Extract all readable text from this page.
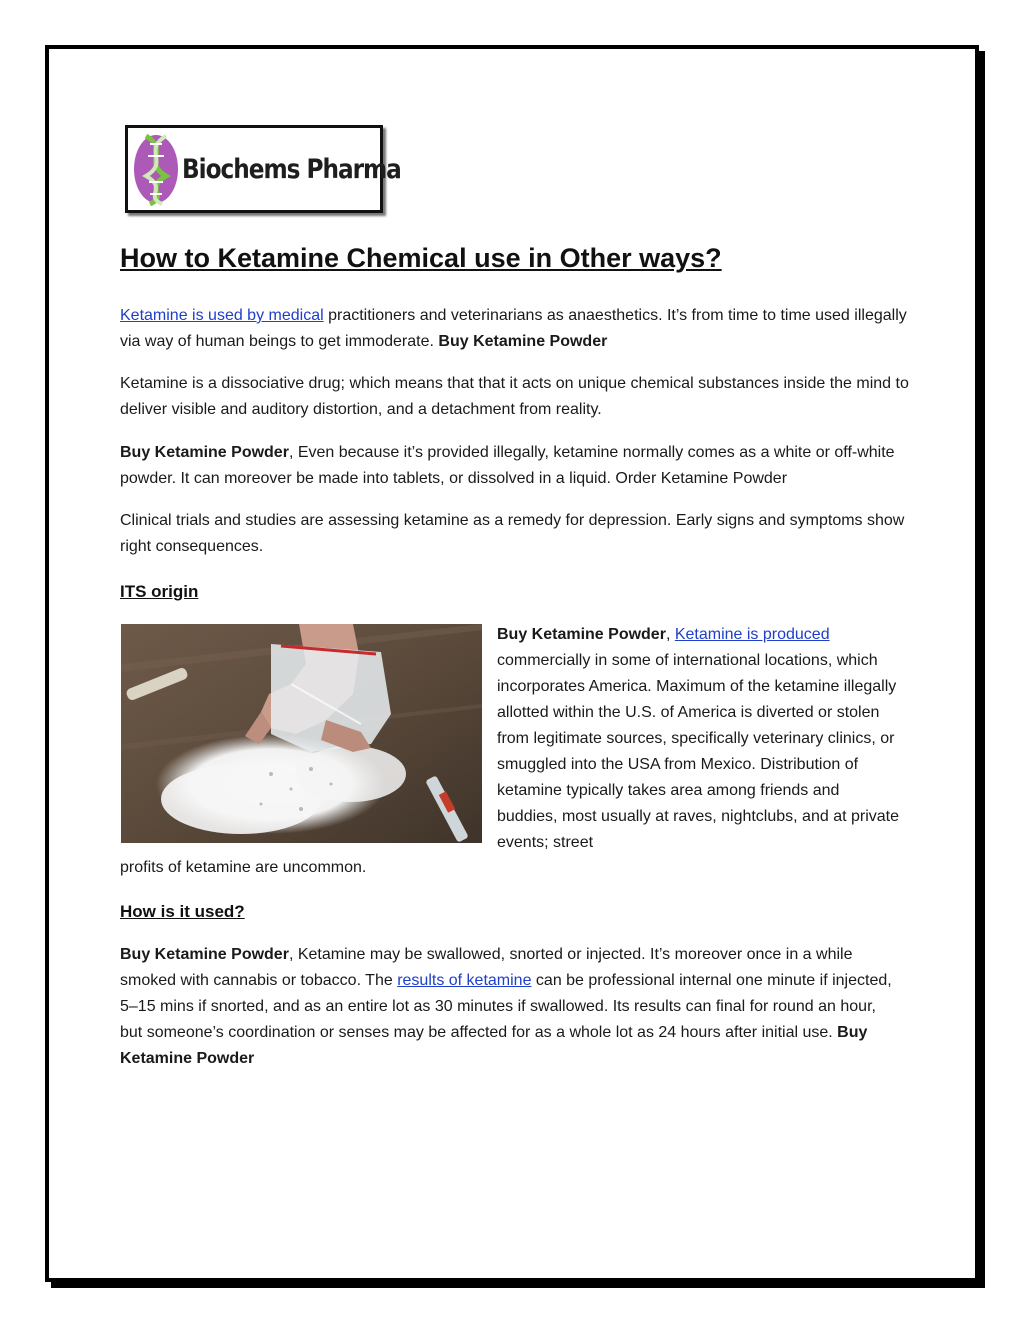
Biochems Pharma
How to Ketamine Chemical use in Other ways?

Ketamine is used by medical practitioners and veterinarians as anaesthetics. It’s from time to time used illegally via way of human beings to get immoderate. Buy Ketamine Powder

Ketamine is a dissociative drug; which means that that it acts on unique chemical substances inside the mind to deliver visible and auditory distortion, and a detachment from reality.

Buy Ketamine Powder, Even because it’s provided illegally, ketamine normally comes as a white or off-white powder. It can moreover be made into tablets, or dissolved in a liquid. Order Ketamine Powder

Clinical trials and studies are assessing ketamine as a remedy for depression. Early signs and symptoms show right consequences.

ITS origin
Buy Ketamine Powder, Ketamine is produced commercially in some of international locations, which incorporates America. Maximum of the ketamine illegally allotted within the U.S. of America is diverted or stolen from legitimate sources, specifically veterinary clinics, or smuggled into the USA from Mexico. Distribution of ketamine typically takes area among friends and buddies, most usually at raves, nightclubs, and at private events; street

profits of ketamine are uncommon.

How is it used?

Buy Ketamine Powder, Ketamine may be swallowed, snorted or injected. It’s moreover once in a while smoked with cannabis or tobacco. The results of ketamine can be professional internal one minute if injected, 5–15 mins if snorted, and as an entire lot as 30 minutes if swallowed. Its results can final for round an hour, but someone’s coordination or senses may be affected for as a whole lot as 24 hours after initial use. Buy Ketamine Powder
